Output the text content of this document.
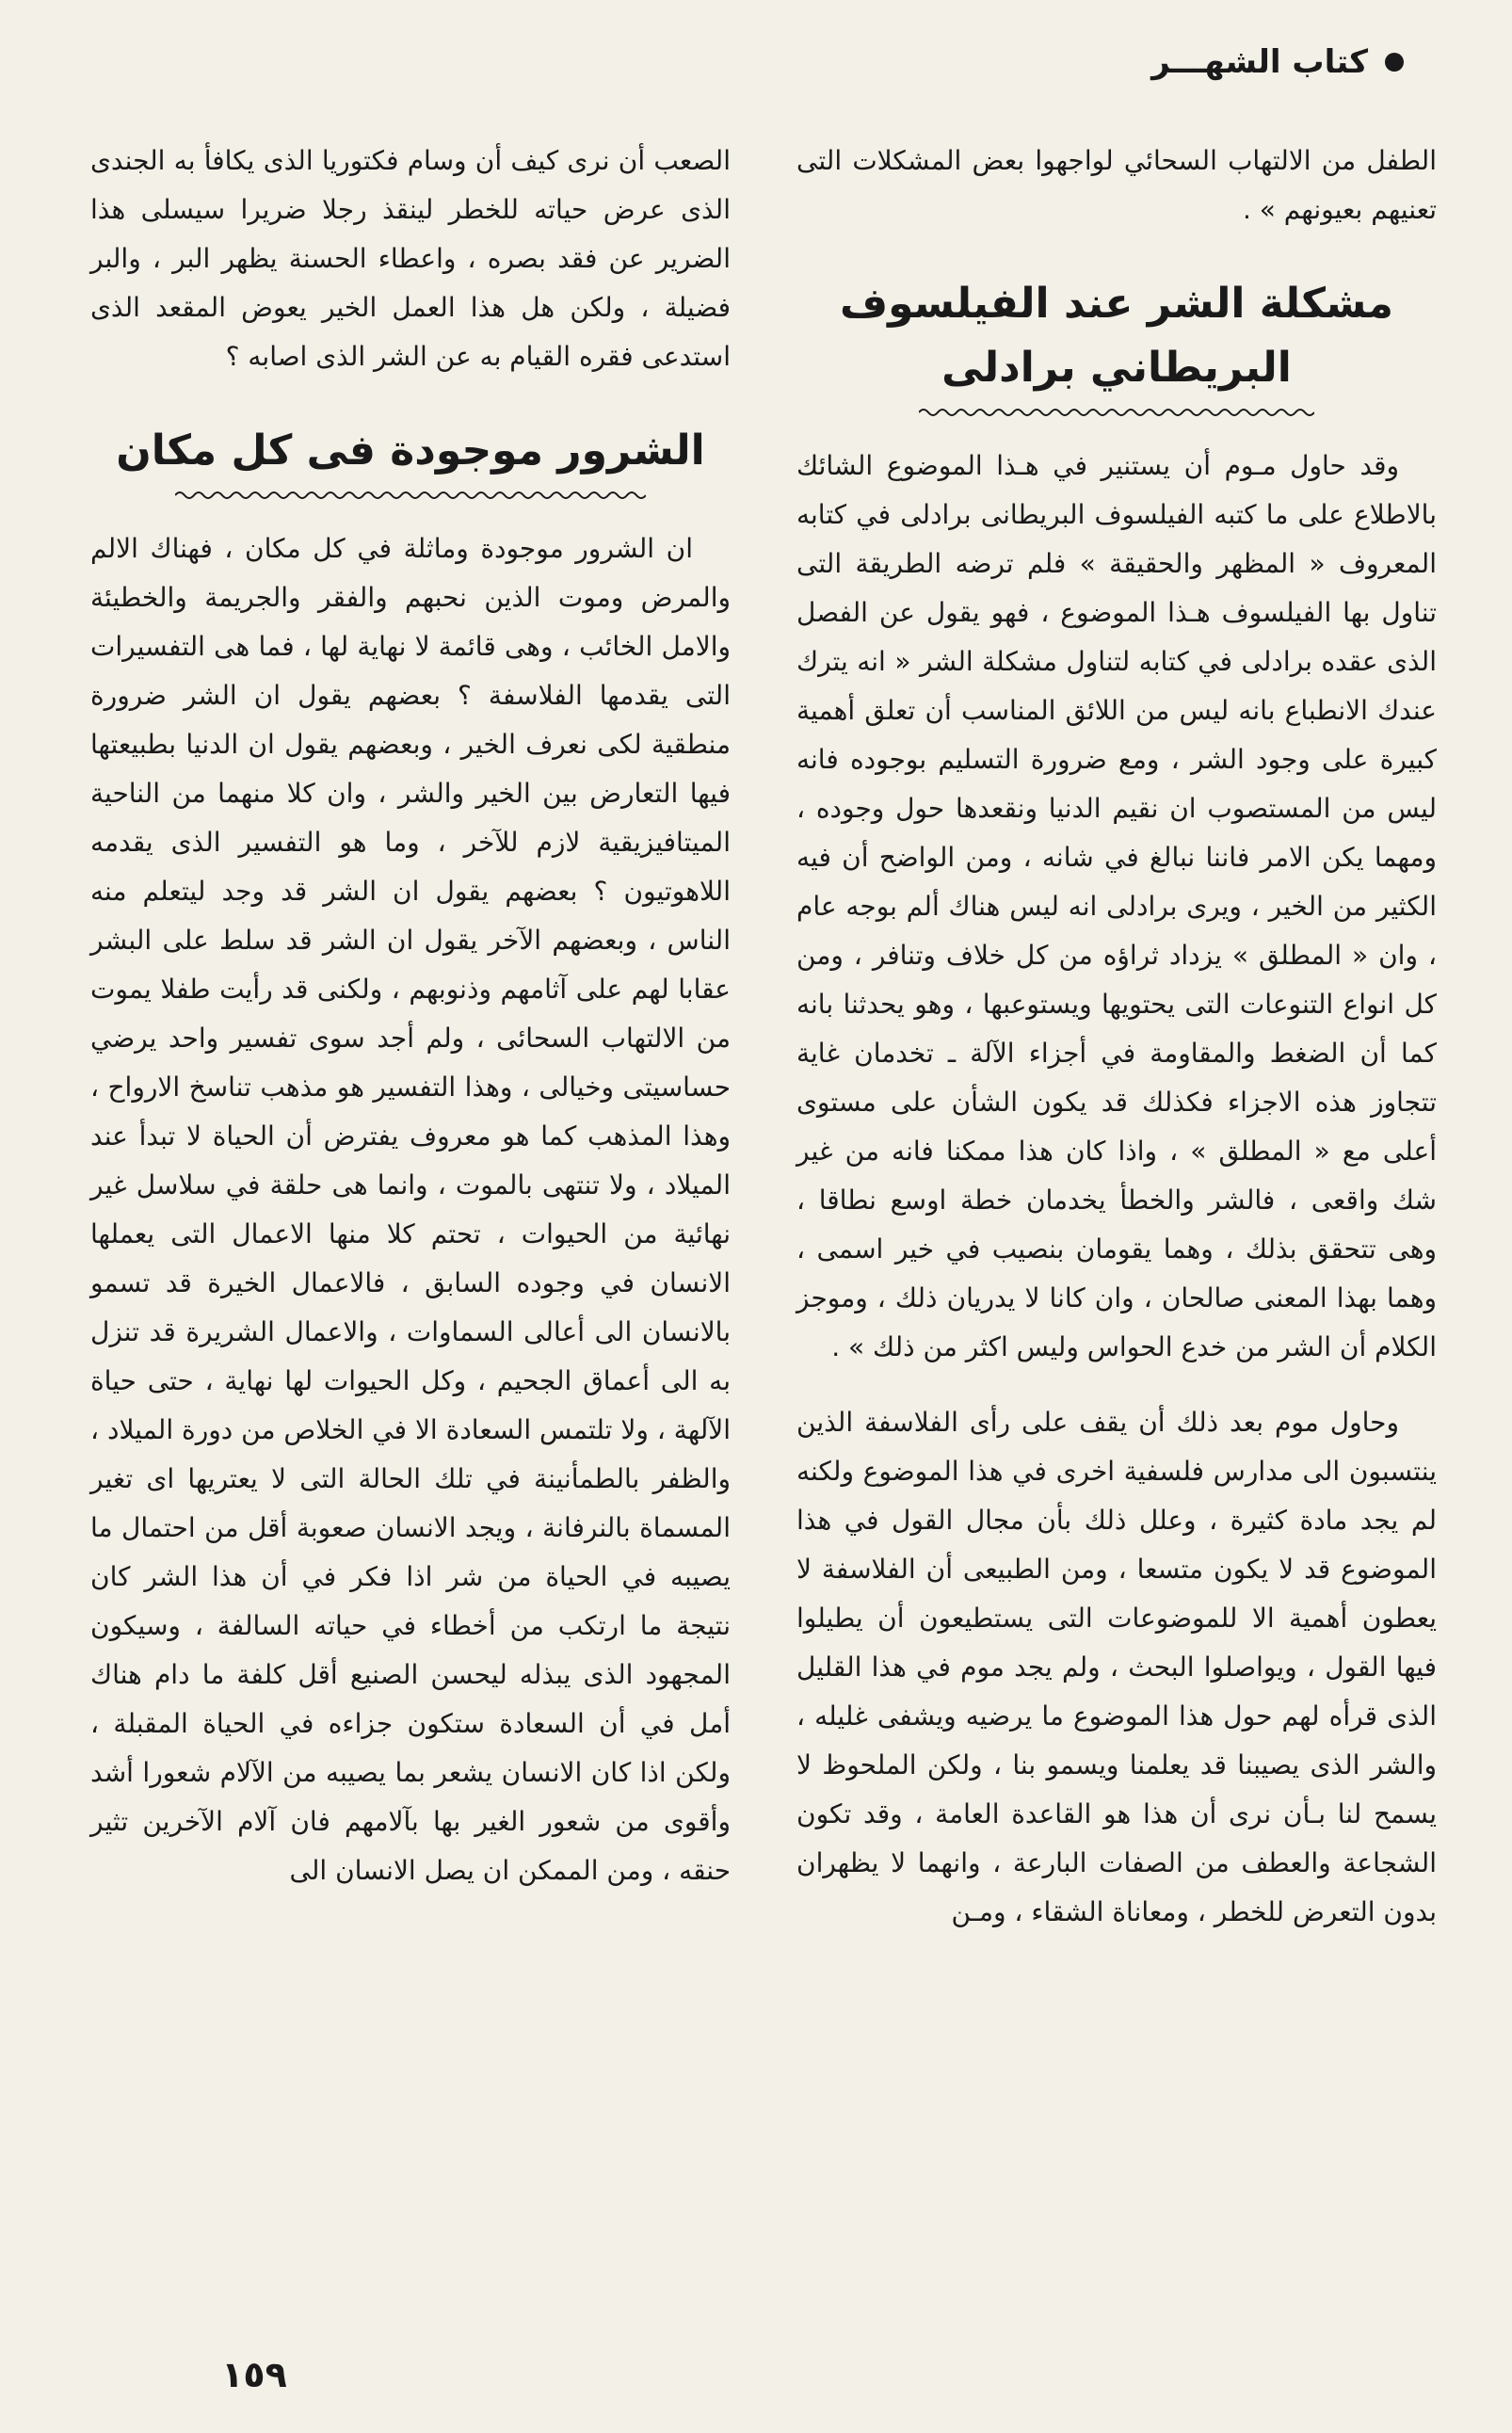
كتاب الشهـــر

الطفل من الالتهاب السحائي لواجهوا بعض المشكلات التى تعنيهم بعيونهم » .

مشكلة الشر عند الفيلسوف
البريطاني برادلى

وقد حاول مـوم أن يستنير في هـذا الموضوع الشائك بالاطلاع على ما كتبه الفيلسوف البريطانى برادلى في كتابه المعروف « المظهر والحقيقة » فلم ترضه الطريقة التى تناول بها الفيلسوف هـذا الموضوع ، فهو يقول عن الفصل الذى عقده برادلى في كتابه لتناول مشكلة الشر « انه يترك عندك الانطباع بانه ليس من اللائق المناسب أن تعلق أهمية كبيرة على وجود الشر ، ومع ضرورة التسليم بوجوده فانه ليس من المستصوب ان نقيم الدنيا ونقعدها حول وجوده ، ومهما يكن الامر فاننا نبالغ في شانه ، ومن الواضح أن فيه الكثير من الخير ، ويرى برادلى انه ليس هناك ألم بوجه عام ، وان « المطلق » يزداد ثراؤه من كل خلاف وتنافر ، ومن كل انواع التنوعات التى يحتويها ويستوعبها ، وهو يحدثنا بانه كما أن الضغط والمقاومة في أجزاء الآلة ـ تخدمان غاية تتجاوز هذه الاجزاء فكذلك قد يكون الشأن على مستوى أعلى مع « المطلق » ، واذا كان هذا ممكنا فانه من غير شك واقعى ، فالشر والخطأ يخدمان خطة اوسع نطاقا ، وهى تتحقق بذلك ، وهما يقومان بنصيب في خير اسمى ، وهما بهذا المعنى صالحان ، وان كانا لا يدريان ذلك ، وموجز الكلام أن الشر من خدع الحواس وليس اكثر من ذلك » .

وحاول موم بعد ذلك أن يقف على رأى الفلاسفة الذين ينتسبون الى مدارس فلسفية اخرى في هذا الموضوع ولكنه لم يجد مادة كثيرة ، وعلل ذلك بأن مجال القول في هذا الموضوع قد لا يكون متسعا ، ومن الطبيعى أن الفلاسفة لا يعطون أهمية الا للموضوعات التى يستطيعون أن يطيلوا فيها القول ، ويواصلوا البحث ، ولم يجد موم في هذا القليل الذى قرأه لهم حول هذا الموضوع ما يرضيه ويشفى غليله ، والشر الذى يصيبنا قد يعلمنا ويسمو بنا ، ولكن الملحوظ لا يسمح لنا بـأن نرى أن هذا هو القاعدة العامة ، وقد تكون الشجاعة والعطف من الصفات البارعة ، وانهما لا يظهران بدون التعرض للخطر ، ومعاناة الشقاء ، ومـن

الصعب أن نرى كيف أن وسام فكتوريا الذى يكافأ به الجندى الذى عرض حياته للخطر لينقذ رجلا ضريرا سيسلى هذا الضرير عن فقد بصره ، واعطاء الحسنة يظهر البر ، والبر فضيلة ، ولكن هل هذا العمل الخير يعوض المقعد الذى استدعى فقره القيام به عن الشر الذى اصابه ؟

الشرور موجودة فى كل مكان

ان الشرور موجودة وماثلة في كل مكان ، فهناك الالم والمرض وموت الذين نحبهم والفقر والجريمة والخطيئة والامل الخائب ، وهى قائمة لا نهاية لها ، فما هى التفسيرات التى يقدمها الفلاسفة ؟ بعضهم يقول ان الشر ضرورة منطقية لكى نعرف الخير ، وبعضهم يقول ان الدنيا بطبيعتها فيها التعارض بين الخير والشر ، وان كلا منهما من الناحية الميتافيزيقية لازم للآخر ، وما هو التفسير الذى يقدمه اللاهوتيون ؟ بعضهم يقول ان الشر قد وجد ليتعلم منه الناس ، وبعضهم الآخر يقول ان الشر قد سلط على البشر عقابا لهم على آثامهم وذنوبهم ، ولكنى قد رأيت طفلا يموت من الالتهاب السحائى ، ولم أجد سوى تفسير واحد يرضي حساسيتى وخيالى ، وهذا التفسير هو مذهب تناسخ الارواح ، وهذا المذهب كما هو معروف يفترض أن الحياة لا تبدأ عند الميلاد ، ولا تنتهى بالموت ، وانما هى حلقة في سلاسل غير نهائية من الحيوات ، تحتم كلا منها الاعمال التى يعملها الانسان في وجوده السابق ، فالاعمال الخيرة قد تسمو بالانسان الى أعالى السماوات ، والاعمال الشريرة قد تنزل به الى أعماق الجحيم ، وكل الحيوات لها نهاية ، حتى حياة الآلهة ، ولا تلتمس السعادة الا في الخلاص من دورة الميلاد ، والظفر بالطمأنينة في تلك الحالة التى لا يعتريها اى تغير المسماة بالنرفانة ، ويجد الانسان صعوبة أقل من احتمال ما يصيبه في الحياة من شر اذا فكر في أن هذا الشر كان نتيجة ما ارتكب من أخطاء في حياته السالفة ، وسيكون المجهود الذى يبذله ليحسن الصنيع أقل كلفة ما دام هناك أمل في أن السعادة ستكون جزاءه في الحياة المقبلة ، ولكن اذا كان الانسان يشعر بما يصيبه من الآلام شعورا أشد وأقوى من شعور الغير بها بآلامهم فان آلام الآخرين تثير حنقه ، ومن الممكن ان يصل الانسان الى

١٥٩
